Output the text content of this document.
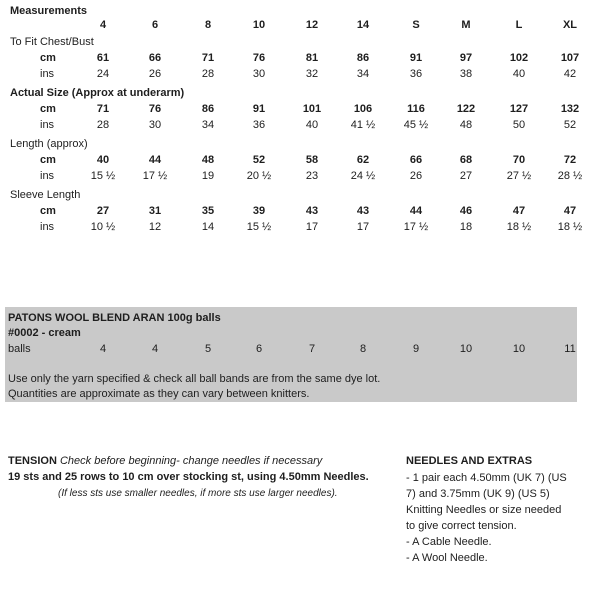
Measurements
4	6	8	10	12	14	S	M	L	XL
To Fit Chest/Bust
cm	61	66	71	76	81	86	91	97	102	107
ins	24	26	28	30	32	34	36	38	40	42
Actual Size (Approx at underarm)
cm	71	76	86	91	101	106	116	122	127	132
ins	28	30	34	36	40	41 ½	45 ½	48	50	52
Length (approx)
cm	40	44	48	52	58	62	66	68	70	72
ins	15 ½	17 ½	19	20 ½	23	24 ½	26	27	27 ½	28 ½
Sleeve Length
cm	27	31	35	39	43	43	44	46	47	47
ins	10 ½	12	14	15 ½	17	17	17 ½	18	18 ½	18 ½
PATONS WOOL BLEND ARAN 100g balls
#0002 - cream
balls	4	4	5	6	7	8	9	10	10	11
Use only the yarn specified & check all ball bands are from the same dye lot.
Quantities are approximate as they can vary between knitters.
TENSION Check before beginning- change needles if necessary
19 sts and 25 rows to 10 cm over stocking st, using 4.50mm Needles.
(If less sts use smaller needles, if more sts use larger needles).
NEEDLES AND EXTRAS
- 1 pair each 4.50mm (UK 7) (US
7) and 3.75mm (UK 9) (US 5)
Knitting Needles or size needed
to give correct tension.
- A Cable Needle.
- A Wool Needle.
